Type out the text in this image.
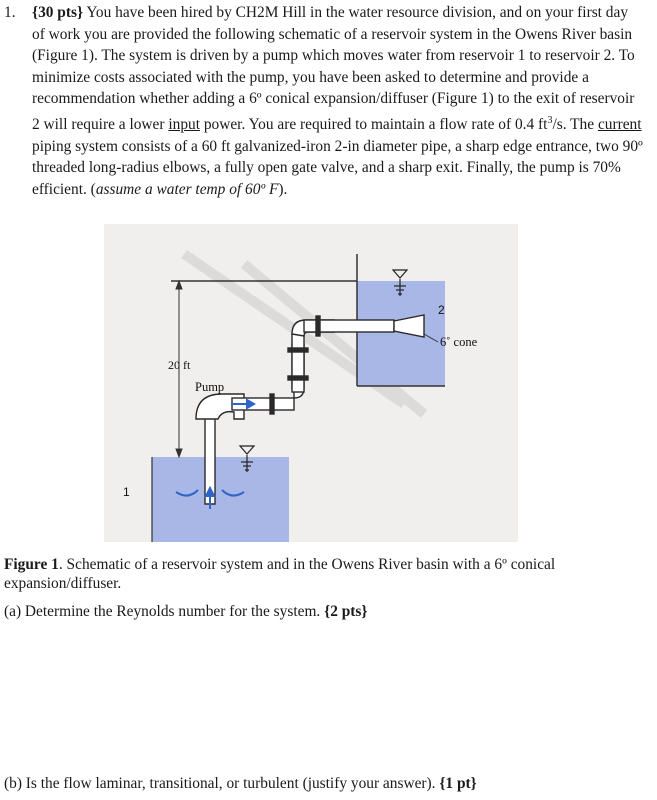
1. {30 pts} You have been hired by CH2M Hill in the water resource division, and on your first day of work you are provided the following schematic of a reservoir system in the Owens River basin (Figure 1). The system is driven by a pump which moves water from reservoir 1 to reservoir 2. To minimize costs associated with the pump, you have been asked to determine and provide a recommendation whether adding a 6º conical expansion/diffuser (Figure 1) to the exit of reservoir 2 will require a lower input power. You are required to maintain a flow rate of 0.4 $ft^3/s$. The current piping system consists of a 60 ft galvanized-iron 2-in diameter pipe, a sharp edge entrance, two 90º threaded long-radius elbows, a fully open gate valve, and a sharp exit. Finally, the pump is 70% efficient. (assume a water temp of 60º F).
2
6˚ cone
20 ft
Pump
1
Figure 1. Schematic of a reservoir system and in the Owens River basin with a 6º conical expansion/diffuser.
(a) Determine the Reynolds number for the system. {2 pts}
(b) Is the flow laminar, transitional, or turbulent (justify your answer). {1 pt}
